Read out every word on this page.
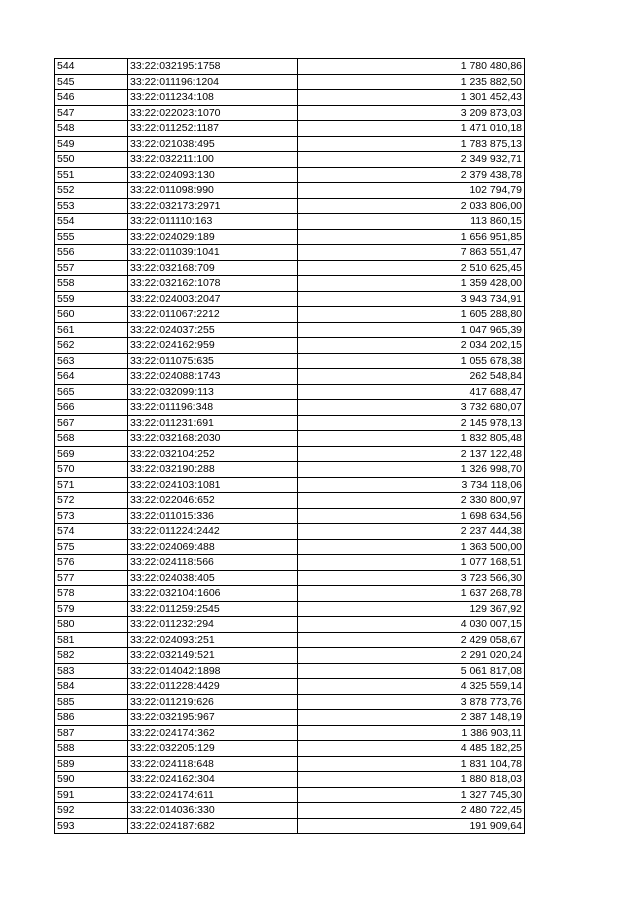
544	33:22:032195:1758	1 780 480,86
545	33:22:011196:1204	1 235 882,50
546	33:22:011234:108	1 301 452,43
547	33:22:022023:1070	3 209 873,03
548	33:22:011252:1187	1 471 010,18
549	33:22:021038:495	1 783 875,13
550	33:22:032211:100	2 349 932,71
551	33:22:024093:130	2 379 438,78
552	33:22:011098:990	102 794,79
553	33:22:032173:2971	2 033 806,00
554	33:22:011110:163	113 860,15
555	33:22:024029:189	1 656 951,85
556	33:22:011039:1041	7 863 551,47
557	33:22:032168:709	2 510 625,45
558	33:22:032162:1078	1 359 428,00
559	33:22:024003:2047	3 943 734,91
560	33:22:011067:2212	1 605 288,80
561	33:22:024037:255	1 047 965,39
562	33:22:024162:959	2 034 202,15
563	33:22:011075:635	1 055 678,38
564	33:22:024088:1743	262 548,84
565	33:22:032099:113	417 688,47
566	33:22:011196:348	3 732 680,07
567	33:22:011231:691	2 145 978,13
568	33:22:032168:2030	1 832 805,48
569	33:22:032104:252	2 137 122,48
570	33:22:032190:288	1 326 998,70
571	33:22:024103:1081	3 734 118,06
572	33:22:022046:652	2 330 800,97
573	33:22:011015:336	1 698 634,56
574	33:22:011224:2442	2 237 444,38
575	33:22:024069:488	1 363 500,00
576	33:22:024118:566	1 077 168,51
577	33:22:024038:405	3 723 566,30
578	33:22:032104:1606	1 637 268,78
579	33:22:011259:2545	129 367,92
580	33:22:011232:294	4 030 007,15
581	33:22:024093:251	2 429 058,67
582	33:22:032149:521	2 291 020,24
583	33:22:014042:1898	5 061 817,08
584	33:22:011228:4429	4 325 559,14
585	33:22:011219:626	3 878 773,76
586	33:22:032195:967	2 387 148,19
587	33:22:024174:362	1 386 903,11
588	33:22:032205:129	4 485 182,25
589	33:22:024118:648	1 831 104,78
590	33:22:024162:304	1 880 818,03
591	33:22:024174:611	1 327 745,30
592	33:22:014036:330	2 480 722,45
593	33:22:024187:682	191 909,64
